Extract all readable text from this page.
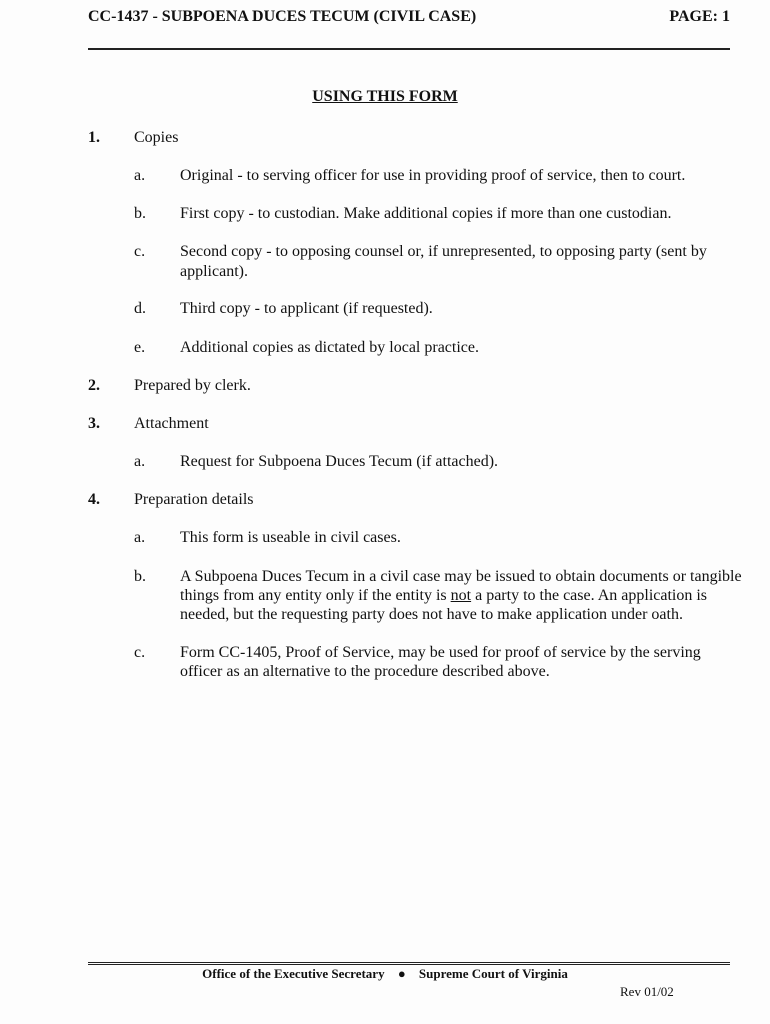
CC-1437 - SUBPOENA DUCES TECUM (CIVIL CASE)	PAGE: 1
USING THIS FORM
1. Copies
a. Original - to serving officer for use in providing proof of service, then to court.
b. First copy - to custodian. Make additional copies if more than one custodian.
c. Second copy - to opposing counsel or, if unrepresented, to opposing party (sent by
applicant).
d. Third copy - to applicant (if requested).
e. Additional copies as dictated by local practice.
2. Prepared by clerk.
3. Attachment
a. Request for Subpoena Duces Tecum (if attached).
4. Preparation details
a. This form is useable in civil cases.
b. A Subpoena Duces Tecum in a civil case may be issued to obtain documents or tangible
things from any entity only if the entity is not a party to the case. An application is
needed, but the requesting party does not have to make application under oath.
c. Form CC-1405, Proof of Service, may be used for proof of service by the serving
officer as an alternative to the procedure described above.
Office of the Executive Secretary ● Supreme Court of Virginia
Rev 01/02
